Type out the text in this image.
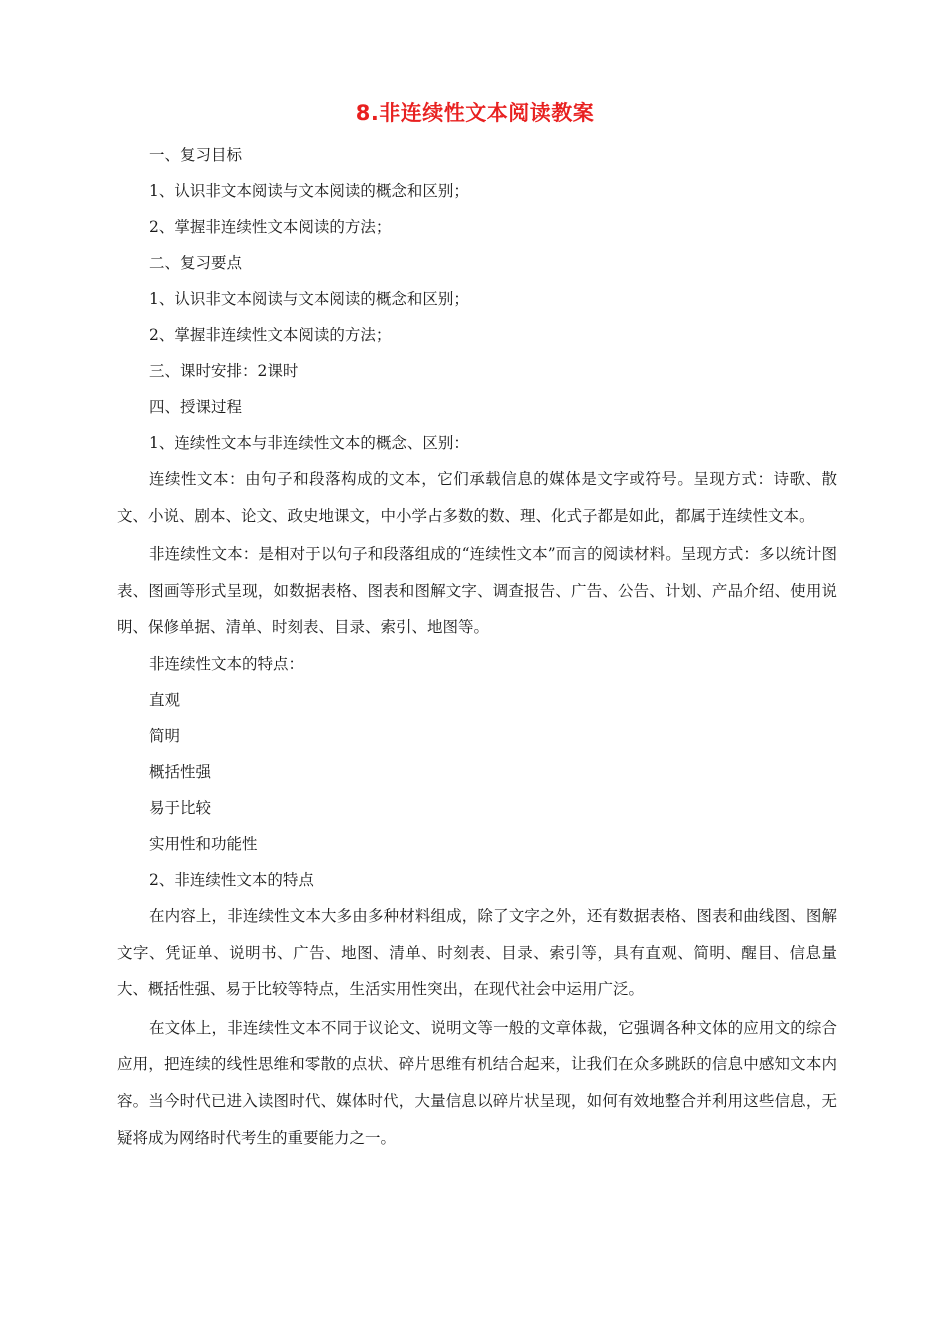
8.非连续性文本阅读教案
一、复习目标
1、认识非文本阅读与文本阅读的概念和区别；
2、掌握非连续性文本阅读的方法；
二、复习要点
1、认识非文本阅读与文本阅读的概念和区别；
2、掌握非连续性文本阅读的方法；
三、课时安排：2课时
四、授课过程
1、连续性文本与非连续性文本的概念、区别：

连续性文本：由句子和段落构成的文本，它们承载信息的媒体是文字或符号。呈现方式：诗歌、散文、小说、剧本、论文、政史地课文，中小学占多数的数、理、化式子都是如此，都属于连续性文本。

非连续性文本：是相对于以句子和段落组成的“连续性文本”而言的阅读材料。呈现方式：多以统计图表、图画等形式呈现，如数据表格、图表和图解文字、调查报告、广告、公告、计划、产品介绍、使用说明、保修单据、清单、时刻表、目录、索引、地图等。

非连续性文本的特点：
直观
简明
概括性强
易于比较
实用性和功能性
2、非连续性文本的特点

在内容上，非连续性文本大多由多种材料组成，除了文字之外，还有数据表格、图表和曲线图、图解文字、凭证单、说明书、广告、地图、清单、时刻表、目录、索引等，具有直观、简明、醒目、信息量大、概括性强、易于比较等特点，生活实用性突出，在现代社会中运用广泛。

在文体上，非连续性文本不同于议论文、说明文等一般的文章体裁，它强调各种文体的应用文的综合应用，把连续的线性思维和零散的点状、碎片思维有机结合起来，让我们在众多跳跃的信息中感知文本内容。当今时代已进入读图时代、媒体时代，大量信息以碎片状呈现，如何有效地整合并利用这些信息，无疑将成为网络时代考生的重要能力之一。
